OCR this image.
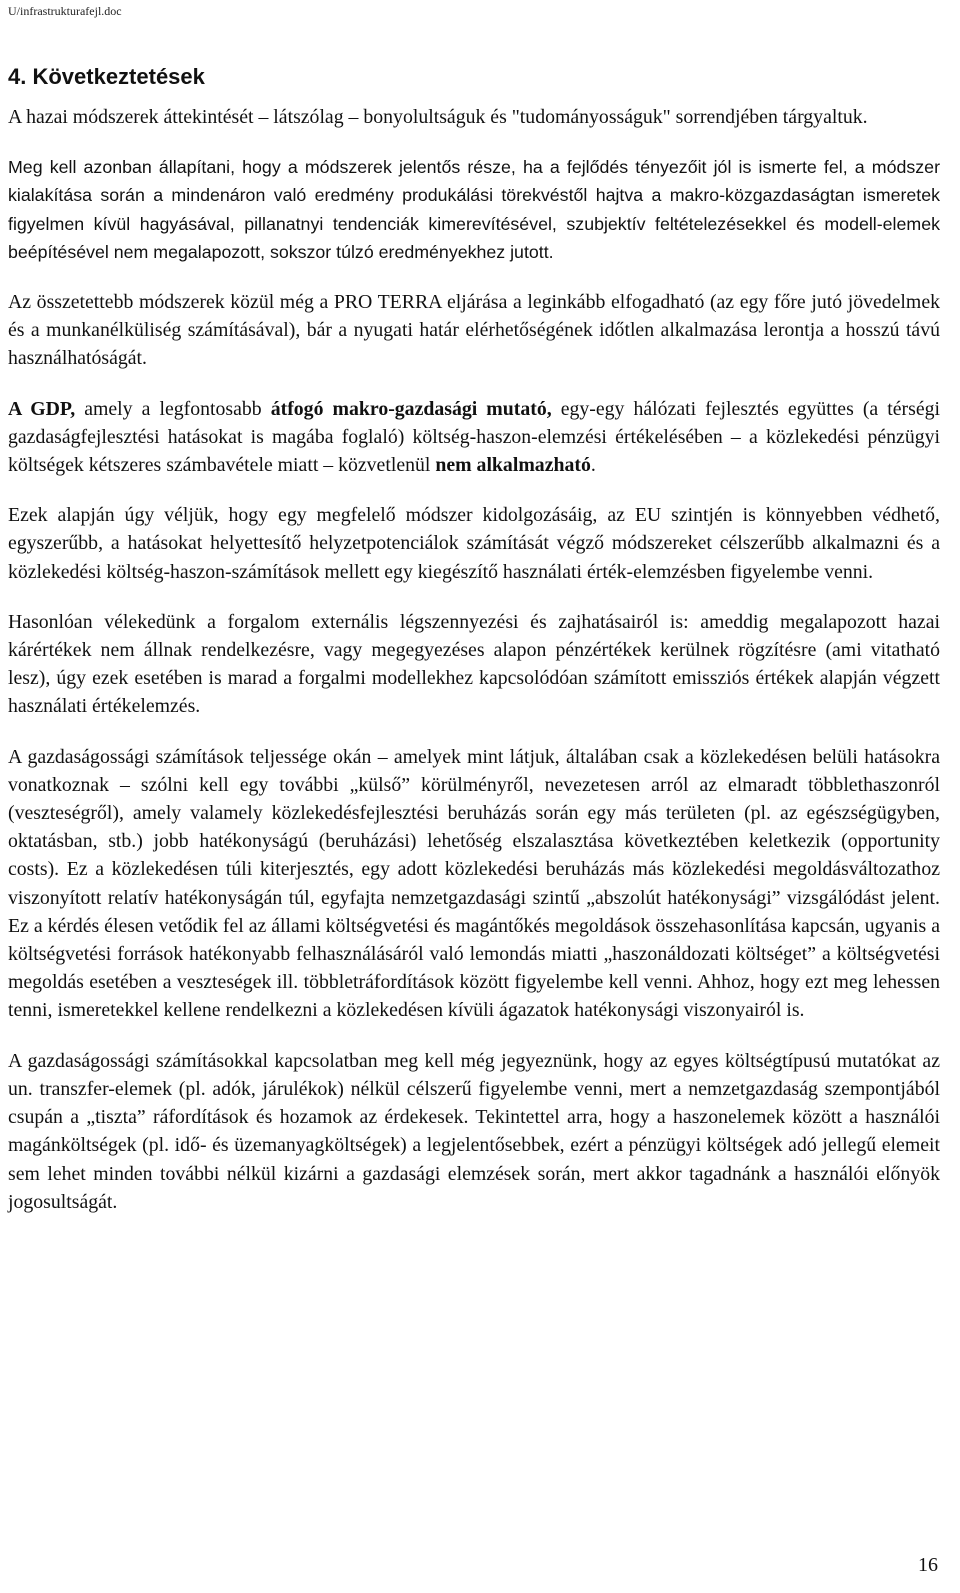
U/infrastrukturafejl.doc
4. Következtetések

A hazai módszerek áttekintését – látszólag – bonyolultságuk és "tudományosságuk" sorrendjében tárgyaltuk.

Meg kell azonban állapítani, hogy a módszerek jelentős része, ha a fejlődés tényezőit jól is ismerte fel, a módszer kialakítása során a mindenáron való eredmény produkálási törekvéstől hajtva a makro-közgazdaságtan ismeretek figyelmen kívül hagyásával, pillanatnyi tendenciák kimerevítésével, szubjektív feltételezésekkel és modell-elemek beépítésével nem megalapozott, sokszor túlzó eredményekhez jutott.

Az összetettebb módszerek közül még a PRO TERRA eljárása a leginkább elfogadható (az egy főre jutó jövedelmek és a munkanélküliség számításával), bár a nyugati határ elérhetőségének időtlen alkalmazása lerontja a hosszú távú használhatóságát.

A GDP, amely a legfontosabb átfogó makro-gazdasági mutató, egy-egy hálózati fejlesztés együttes (a térségi gazdaságfejlesztési hatásokat is magába foglaló) költség-haszon-elemzési értékelésében – a közlekedési pénzügyi költségek kétszeres számbavétele miatt – közvetlenül nem alkalmazható.

Ezek alapján úgy véljük, hogy egy megfelelő módszer kidolgozásáig, az EU szintjén is könnyebben védhető, egyszerűbb, a hatásokat helyettesítő helyzetpotenciálok számítását végző módszereket célszerűbb alkalmazni és a közlekedési költség-haszon-számítások mellett egy kiegészítő használati érték-elemzésben figyelembe venni.

Hasonlóan vélekedünk a forgalom externális légszennyezési és zajhatásairól is: ameddig megalapozott hazai kárértékek nem állnak rendelkezésre, vagy megegyezéses alapon pénzértékek kerülnek rögzítésre (ami vitatható lesz), úgy ezek esetében is marad a forgalmi modellekhez kapcsolódóan számított emissziós értékek alapján végzett használati értékelemzés.

A gazdaságossági számítások teljessége okán – amelyek mint látjuk, általában csak a közlekedésen belüli hatásokra vonatkoznak – szólni kell egy további „külső” körülményről, nevezetesen arról az elmaradt többlethaszonról (veszteségről), amely valamely közlekedésfejlesztési beruházás során egy más területen (pl. az egészségügyben, oktatásban, stb.) jobb hatékonyságú (beruházási) lehetőség elszalasztása következtében keletkezik (opportunity costs). Ez a közlekedésen túli kiterjesztés, egy adott közlekedési beruházás más közlekedési megoldásváltozathoz viszonyított relatív hatékonyságán túl, egyfajta nemzetgazdasági szintű „abszolút hatékonysági” vizsgálódást jelent. Ez a kérdés élesen vetődik fel az állami költségvetési és magántőkés megoldások összehasonlítása kapcsán, ugyanis a költségvetési források hatékonyabb felhasználásáról való lemondás miatti „haszonáldozati költséget” a költségvetési megoldás esetében a veszteségek ill. többletráfordítások között figyelembe kell venni. Ahhoz, hogy ezt meg lehessen tenni, ismeretekkel kellene rendelkezni a közlekedésen kívüli ágazatok hatékonysági viszonyairól is.

A gazdaságossági számításokkal kapcsolatban meg kell még jegyeznünk, hogy az egyes költségtípusú mutatókat az un. transzfer-elemek (pl. adók, járulékok) nélkül célszerű figyelembe venni, mert a nemzetgazdaság szempontjából csupán a „tiszta” ráfordítások és hozamok az érdekesek. Tekintettel arra, hogy a haszonelemek között a használói magánköltségek (pl. idő- és üzemanyagköltségek) a legjelentősebbek, ezért a pénzügyi költségek adó jellegű elemeit sem lehet minden további nélkül kizárni a gazdasági elemzések során, mert akkor tagadnánk a használói előnyök jogosultságát.

16
